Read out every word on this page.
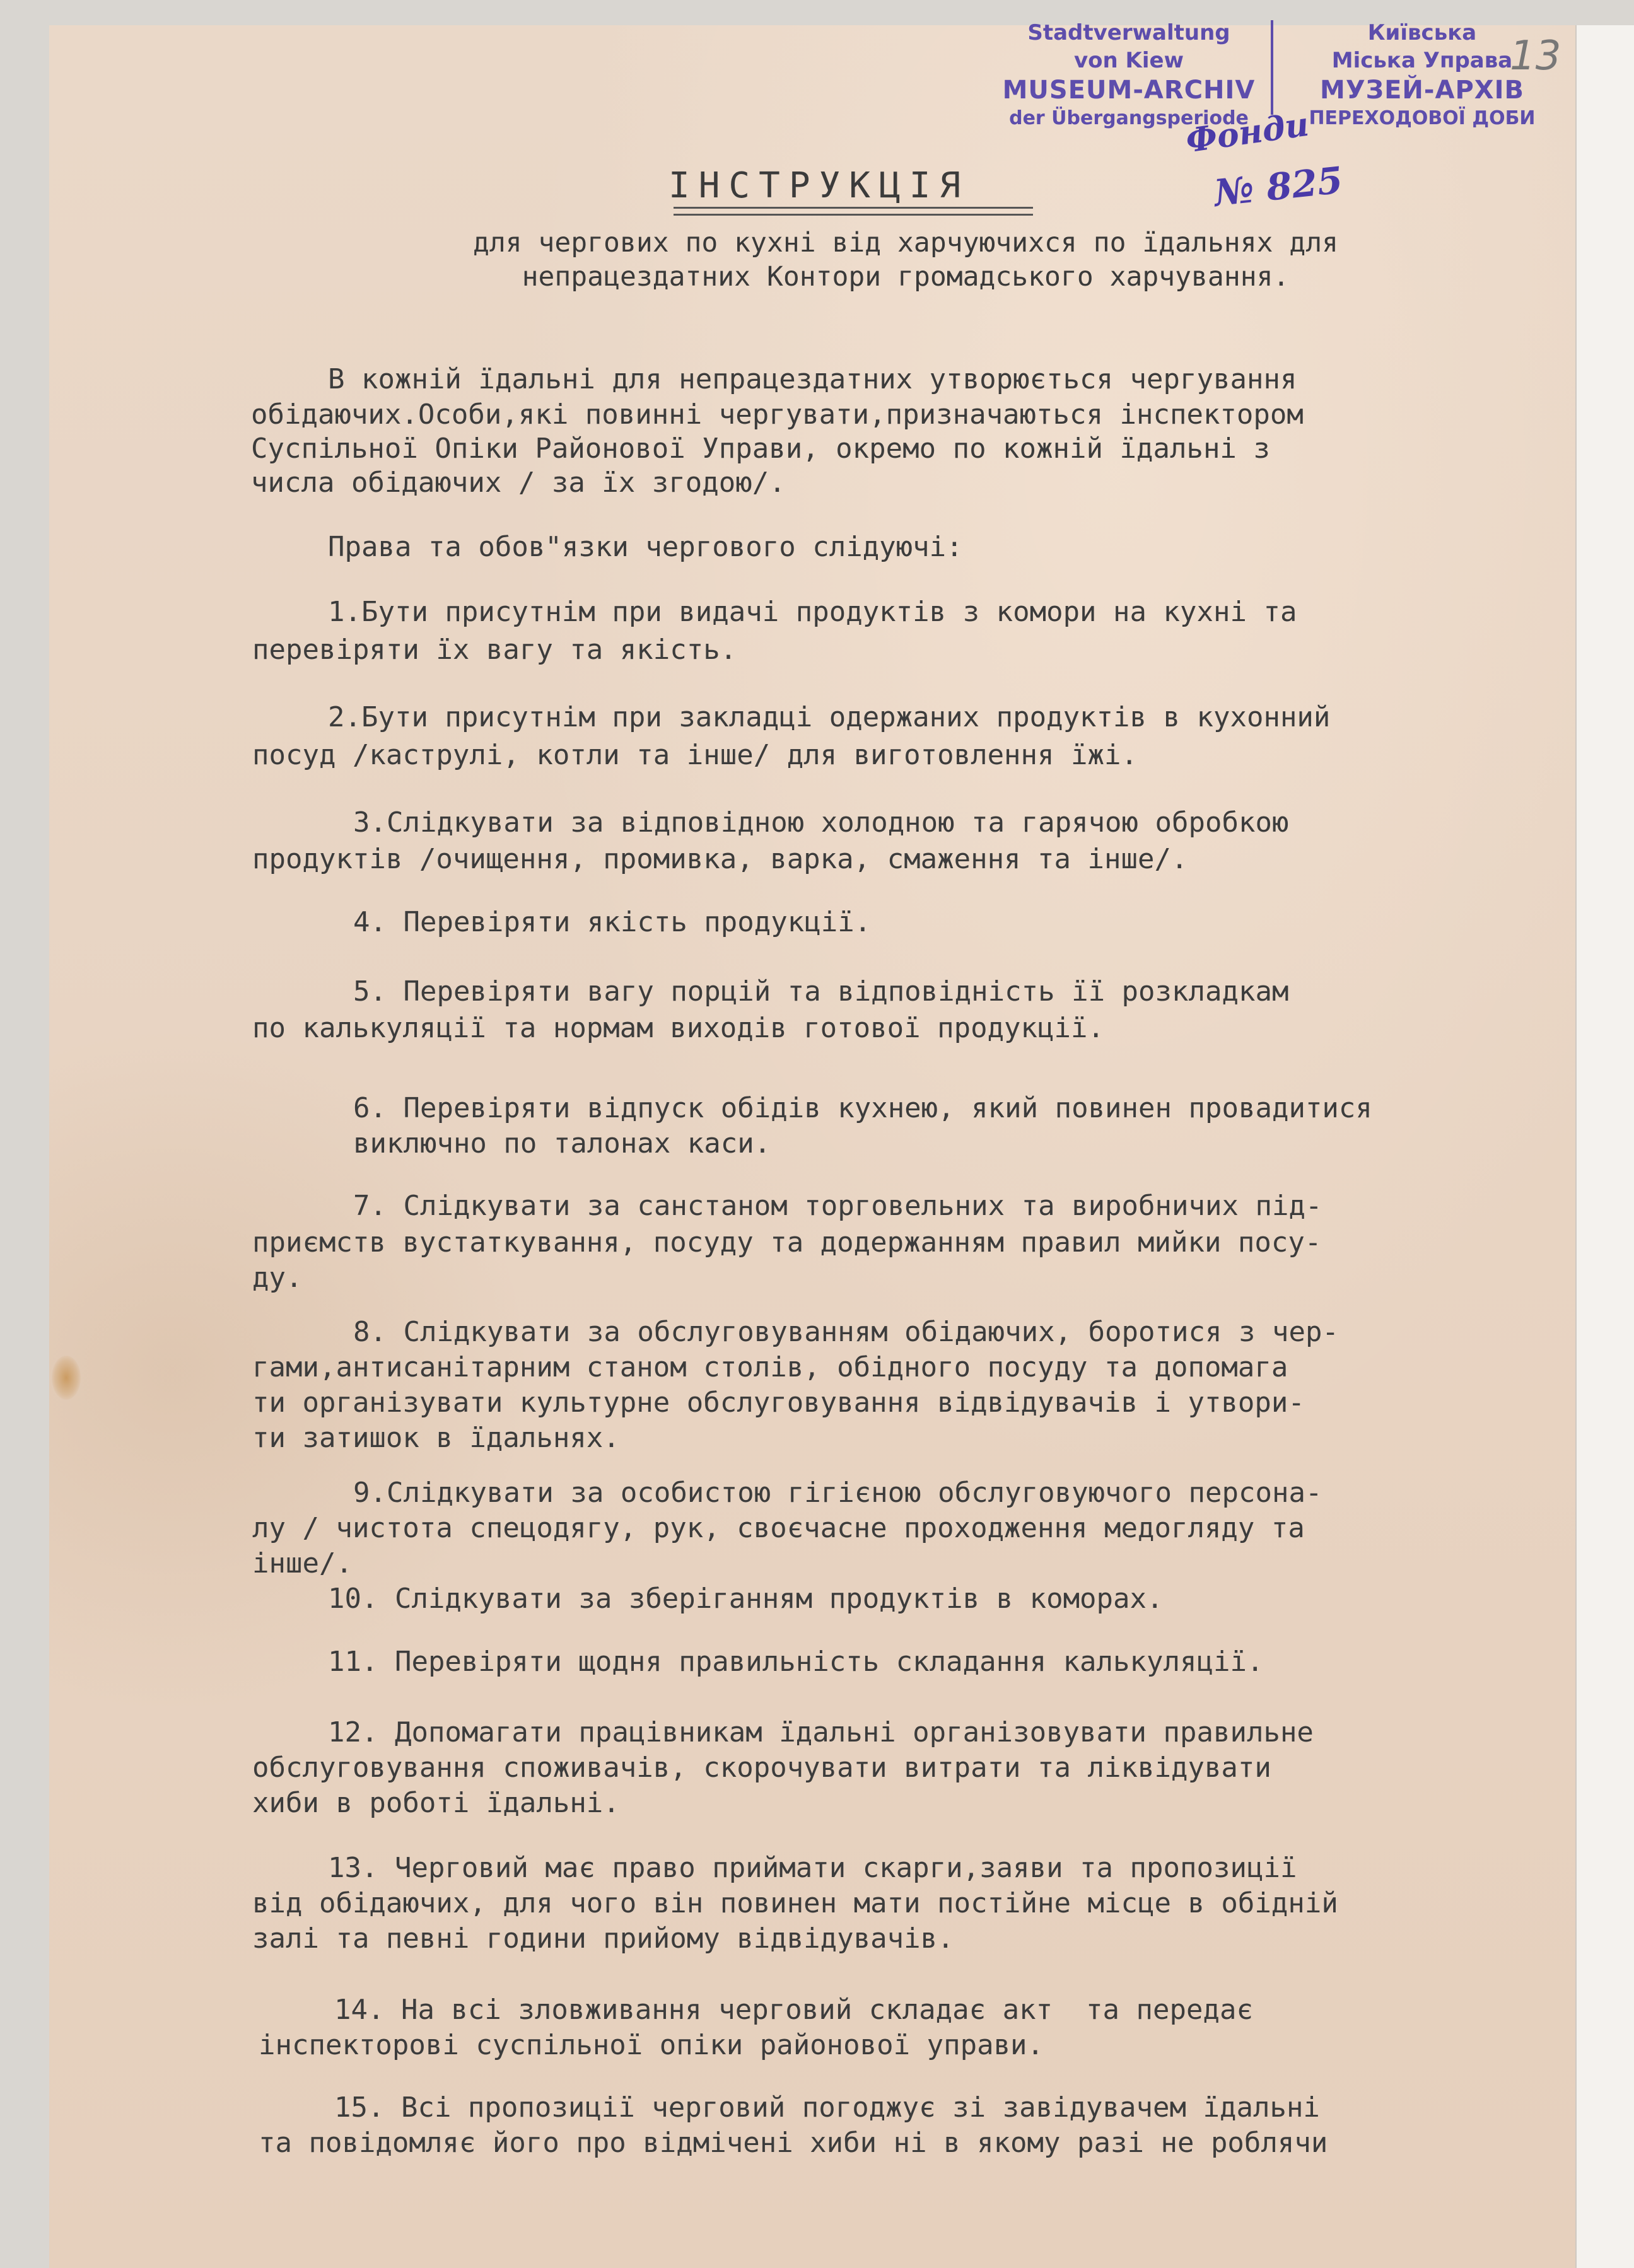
Stadtverwaltung
von Kiew
MUSEUM-ARCHIV
der Übergangsperiode
Київська
Міська Управа
МУЗЕЙ-АРХІВ
ПЕРЕХОДОВОЇ ДОБИ
Фонди
№ 825
13
ІНСТРУКЦІЯ
для чергових по кухні від харчуючихся по їдальнях для
непрацездатних Контори громадського харчування.
В кожній їдальні для непрацездатних утворюється чергування
обідаючих.Особи,які повинні чергувати,призначаються інспектором
Суспільної Опіки Районової Управи, окремо по кожній їдальні з
числа обідаючих / за їх згодою/.
Права та обов"язки чергового слідуючі:
1.Бути присутнім при видачі продуктів з комори на кухні та
перевіряти їх вагу та якість.
2.Бути присутнім при закладці одержаних продуктів в кухонний
посуд /каструлі, котли та інше/ для виготовлення їжі.
3.Слідкувати за відповідною холодною та гарячою обробкою
продуктів /очищення, промивка, варка, смаження та інше/.
4. Перевіряти якість продукції.
5. Перевіряти вагу порцій та відповідність її розкладкам
по калькуляції та нормам виходів готової продукції.
6. Перевіряти відпуск обідів кухнею, який повинен провадитися виключно по талонах каси.
7. Слідкувати за санстаном торговельних та виробничих під-
приємств вустаткування, посуду та додержанням правил мийки посу-
ду.
8. Слідкувати за обслуговуванням обідаючих, боротися з чер-
гами,антисанітарним станом столів, обідного посуду та допомага
ти організувати культурне обслуговування відвідувачів і утвори-
ти затишок в їдальнях.
9.Слідкувати за особистою гігієною обслуговуючого персона-
лу / чистота спецодягу, рук, своєчасне проходження медогляду та
інше/.
10. Слідкувати за зберіганням продуктів в коморах.
11. Перевіряти щодня правильність складання калькуляції.
12. Допомагати працівникам їдальні організовувати правильне
обслуговування споживачів, скорочувати витрати та ліквідувати
хиби в роботі їдальні.
13. Черговий має право приймати скарги,заяви та пропозиції
від обідаючих, для чого він повинен мати постійне місце в обідній
залі та певні години прийому відвідувачів.
14. На всі зловживання черговий складає акт  та передає
інспекторові суспільної опіки районової управи.
15. Всі пропозиції черговий погоджує зі завідувачем їдальні
та повідомляє його про відмічені хиби ні в якому разі не роблячи
